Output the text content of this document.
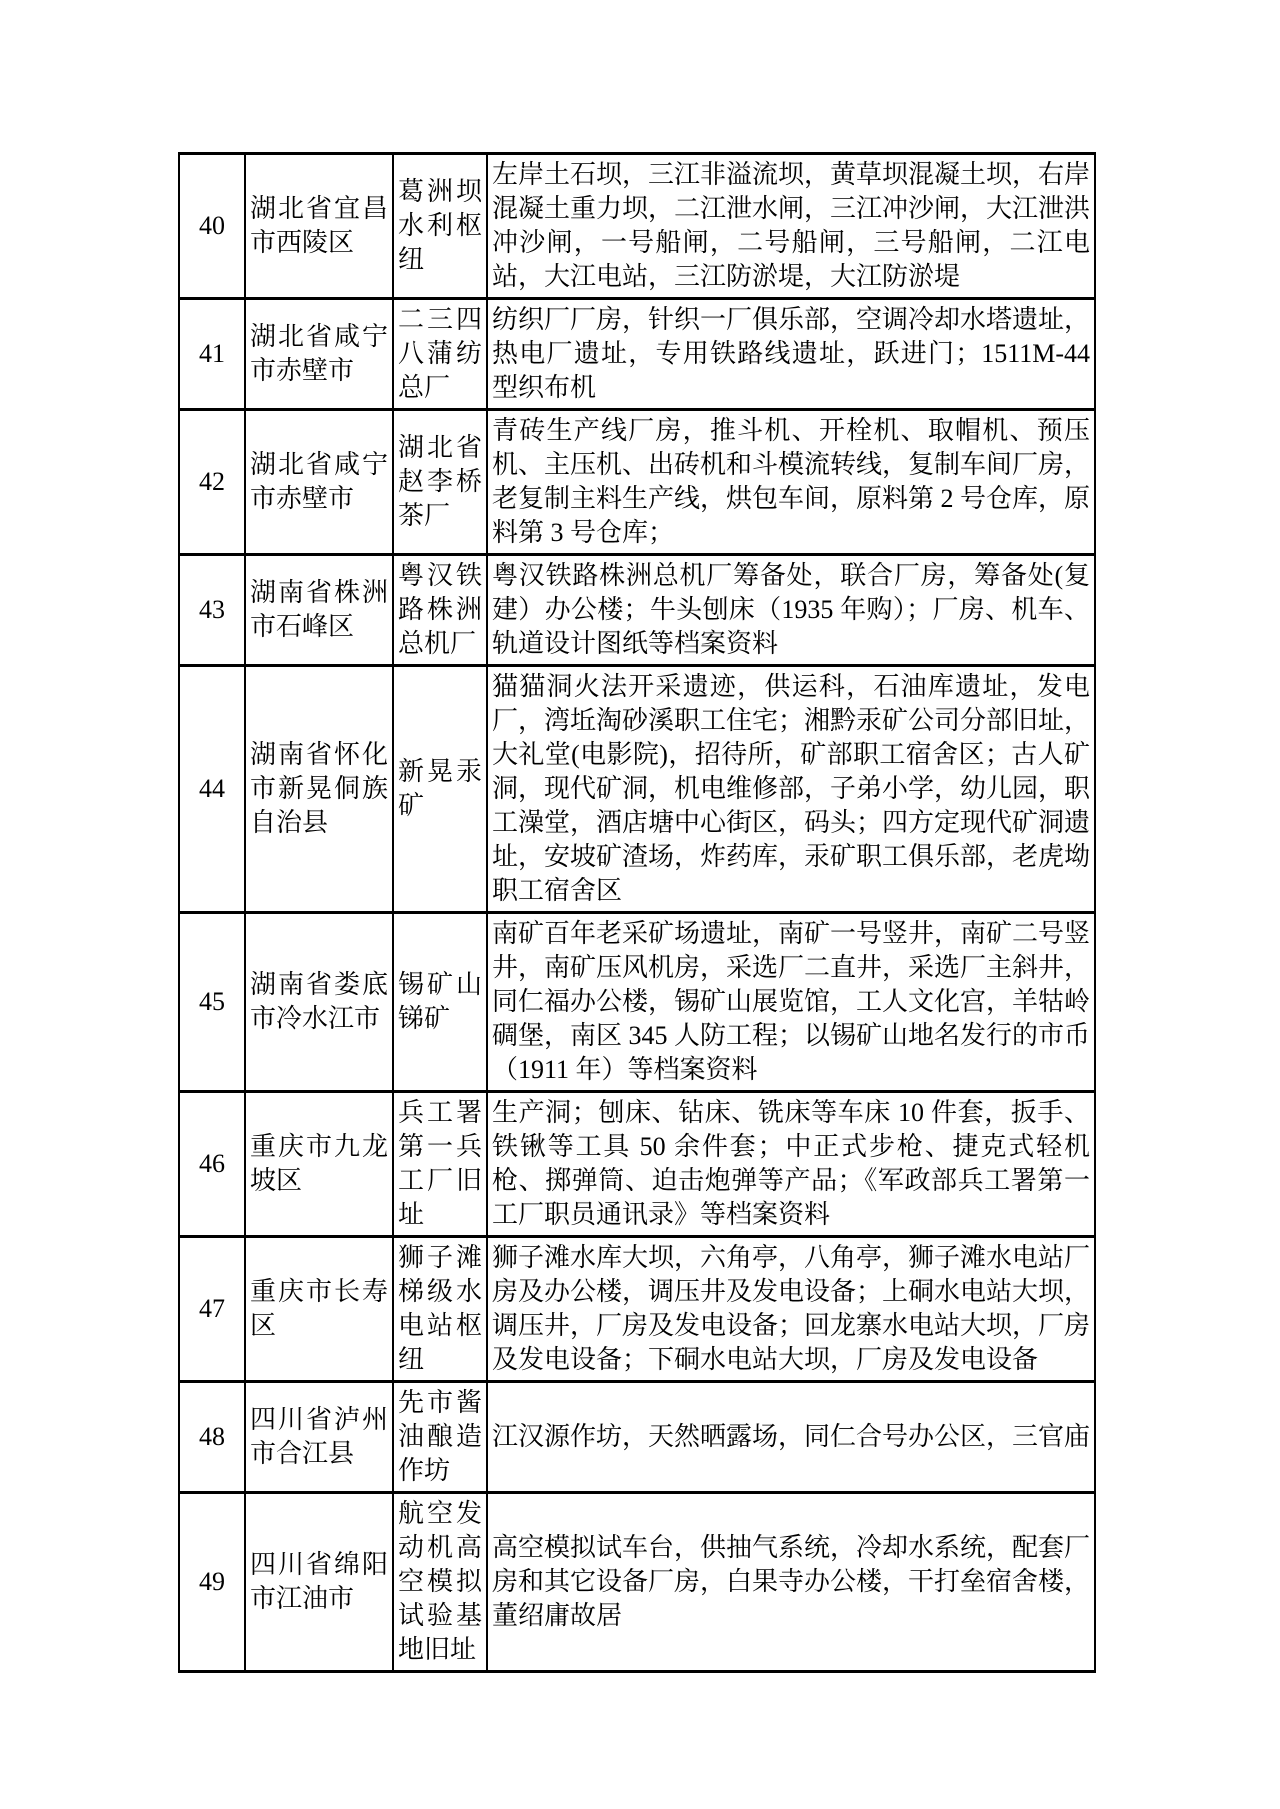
40	湖北省宜昌市西陵区	葛洲坝水利枢纽	左岸土石坝，三江非溢流坝，黄草坝混凝土坝，右岸混凝土重力坝，二江泄水闸，三江冲沙闸，大江泄洪冲沙闸，一号船闸，二号船闸，三号船闸，二江电站，大江电站，三江防淤堤，大江防淤堤
41	湖北省咸宁市赤壁市	二三四八蒲纺总厂	纺织厂厂房，针织一厂俱乐部，空调冷却水塔遗址，热电厂遗址，专用铁路线遗址，跃进门；1511M-44 型织布机
42	湖北省咸宁市赤壁市	湖北省赵李桥茶厂	青砖生产线厂房，推斗机、开栓机、取帽机、预压机、主压机、出砖机和斗模流转线，复制车间厂房，老复制主料生产线，烘包车间，原料第 2 号仓库，原料第 3 号仓库；
43	湖南省株洲市石峰区	粤汉铁路株洲总机厂	粤汉铁路株洲总机厂筹备处，联合厂房，筹备处(复建）办公楼；牛头刨床（1935 年购）；厂房、机车、轨道设计图纸等档案资料
44	湖南省怀化市新晃侗族自治县	新晃汞矿	猫猫洞火法开采遗迹，供运科，石油库遗址，发电厂，湾坵淘砂溪职工住宅；湘黔汞矿公司分部旧址，大礼堂(电影院)，招待所，矿部职工宿舍区；古人矿洞，现代矿洞，机电维修部，子弟小学，幼儿园，职工澡堂，酒店塘中心街区，码头；四方定现代矿洞遗址，安坡矿渣场，炸药库，汞矿职工俱乐部，老虎坳职工宿舍区
45	湖南省娄底市冷水江市	锡矿山锑矿	南矿百年老采矿场遗址，南矿一号竖井，南矿二号竖井，南矿压风机房，采选厂二直井，采选厂主斜井，同仁福办公楼，锡矿山展览馆，工人文化宫，羊牯岭碉堡，南区 345 人防工程；以锡矿山地名发行的市币（1911 年）等档案资料
46	重庆市九龙坡区	兵工署第一兵工厂旧址	生产洞；刨床、钻床、铣床等车床 10 件套，扳手、铁锹等工具 50 余件套；中正式步枪、捷克式轻机枪、掷弹筒、迫击炮弹等产品；《军政部兵工署第一工厂职员通讯录》等档案资料
47	重庆市长寿区	狮子滩梯级水电站枢纽	狮子滩水库大坝，六角亭，八角亭，狮子滩水电站厂房及办公楼，调压井及发电设备；上硐水电站大坝，调压井，厂房及发电设备；回龙寨水电站大坝，厂房及发电设备；下硐水电站大坝，厂房及发电设备
48	四川省泸州市合江县	先市酱油酿造作坊	江汉源作坊，天然晒露场，同仁合号办公区，三官庙
49	四川省绵阳市江油市	航空发动机高空模拟试验基地旧址	高空模拟试车台，供抽气系统，冷却水系统，配套厂房和其它设备厂房，白果寺办公楼，干打垒宿舍楼，董绍庸故居
